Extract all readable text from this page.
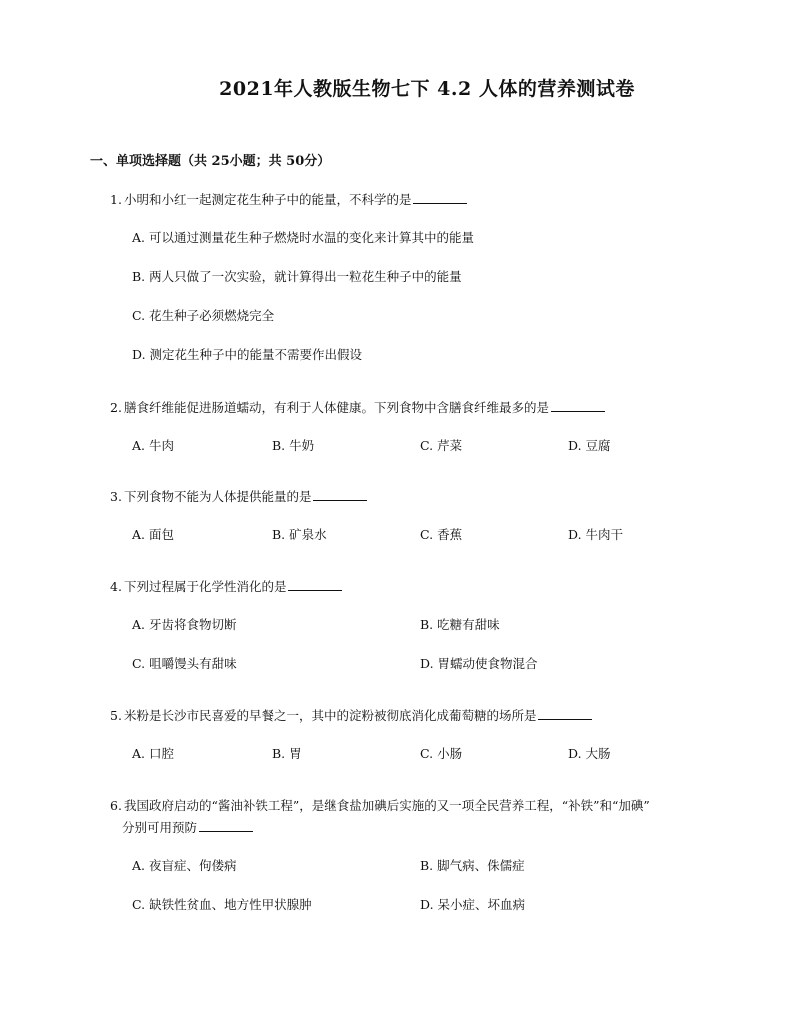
2021年人教版生物七下 4.2 人体的营养测试卷
一、单项选择题（共 25小题；共 50分）
1. 小明和小红一起测定花生种子中的能量，不科学的是
A. 可以通过测量花生种子燃烧时水温的变化来计算其中的能量
B. 两人只做了一次实验，就计算得出一粒花生种子中的能量
C. 花生种子必须燃烧完全
D. 测定花生种子中的能量不需要作出假设
2. 膳食纤维能促进肠道蠕动，有利于人体健康。下列食物中含膳食纤维最多的是
A. 牛肉	B. 牛奶	C. 芹菜	D. 豆腐
3. 下列食物不能为人体提供能量的是
A. 面包	B. 矿泉水	C. 香蕉	D. 牛肉干
4. 下列过程属于化学性消化的是
A. 牙齿将食物切断	B. 吃糖有甜味
C. 咀嚼馒头有甜味	D. 胃蠕动使食物混合
5. 米粉是长沙市民喜爱的早餐之一，其中的淀粉被彻底消化成葡萄糖的场所是
A. 口腔	B. 胃	C. 小肠	D. 大肠
6. 我国政府启动的“酱油补铁工程”，是继食盐加碘后实施的又一项全民营养工程，“补铁”和“加碘”
分别可用预防
A. 夜盲症、佝偻病	B. 脚气病、侏儒症
C. 缺铁性贫血、地方性甲状腺肿	D. 呆小症、坏血病
